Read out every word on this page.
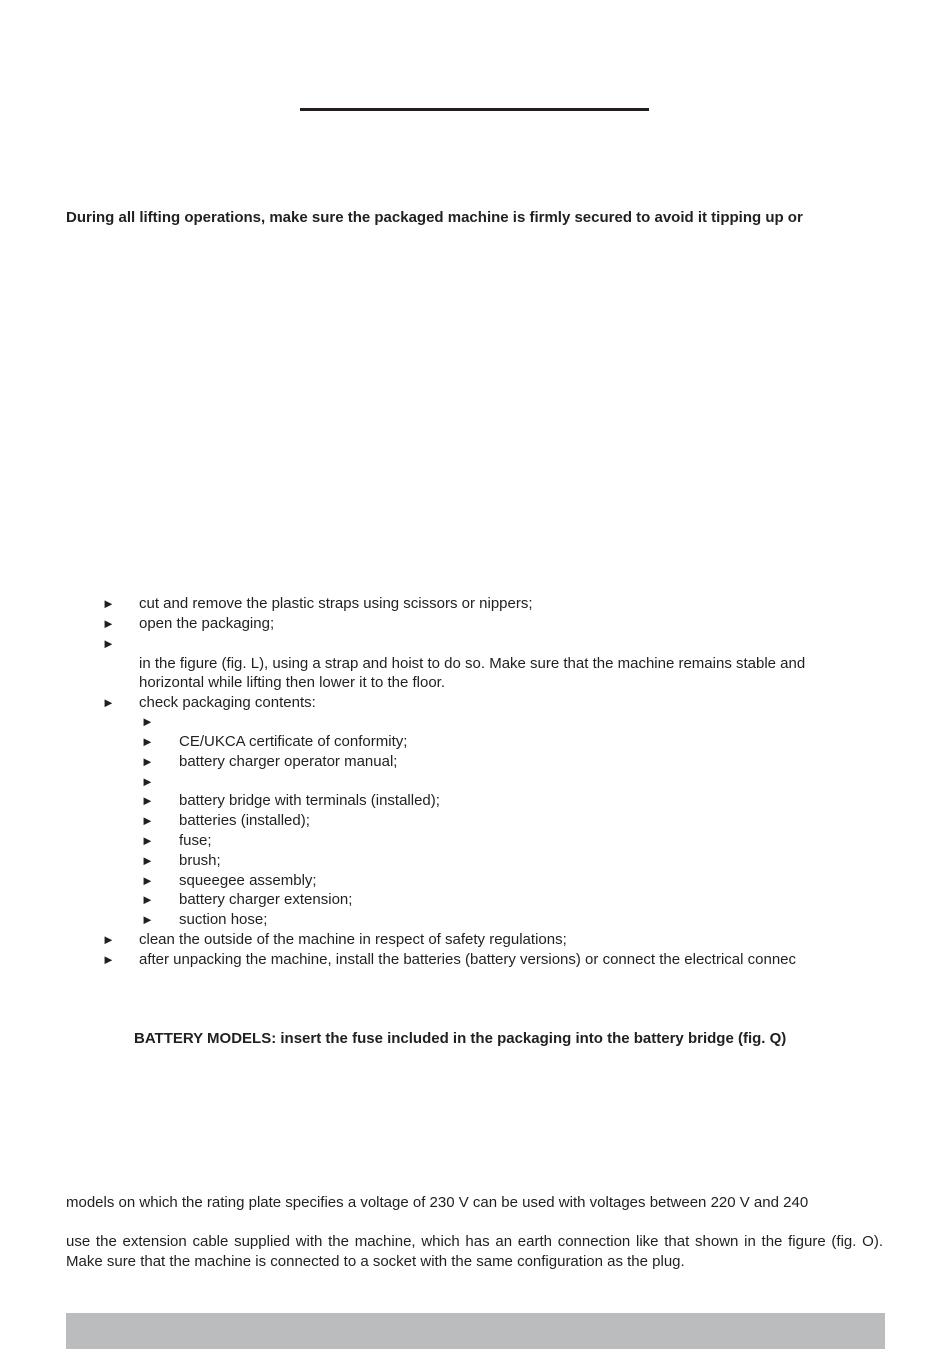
During all lifting operations, make sure the packaged machine is firmly secured to avoid it tipping up or
► cut and remove the plastic straps using scissors or nippers;
► open the packaging;
►
in the figure (fig. L), using a strap and hoist to do so. Make sure that the machine remains stable and
horizontal while lifting then lower it to the floor.
► check packaging contents:
►
► CE/UKCA certificate of conformity;
► battery charger operator manual;
►
► battery bridge with terminals (installed);
► batteries (installed);
► fuse;
► brush;
► squeegee assembly;
► battery charger extension;
► suction hose;
► clean the outside of the machine in respect of safety regulations;
► after unpacking the machine, install the batteries (battery versions) or connect the electrical connec
BATTERY MODELS: insert the fuse included in the packaging into the battery bridge (fig. Q)
models on which the rating plate specifies a voltage of 230 V can be used with voltages between 220 V and 240
use the extension cable supplied with the machine, which has an earth connection like that shown in the figure (fig. O). Make sure that the machine is connected to a socket with the same configuration as the plug.
